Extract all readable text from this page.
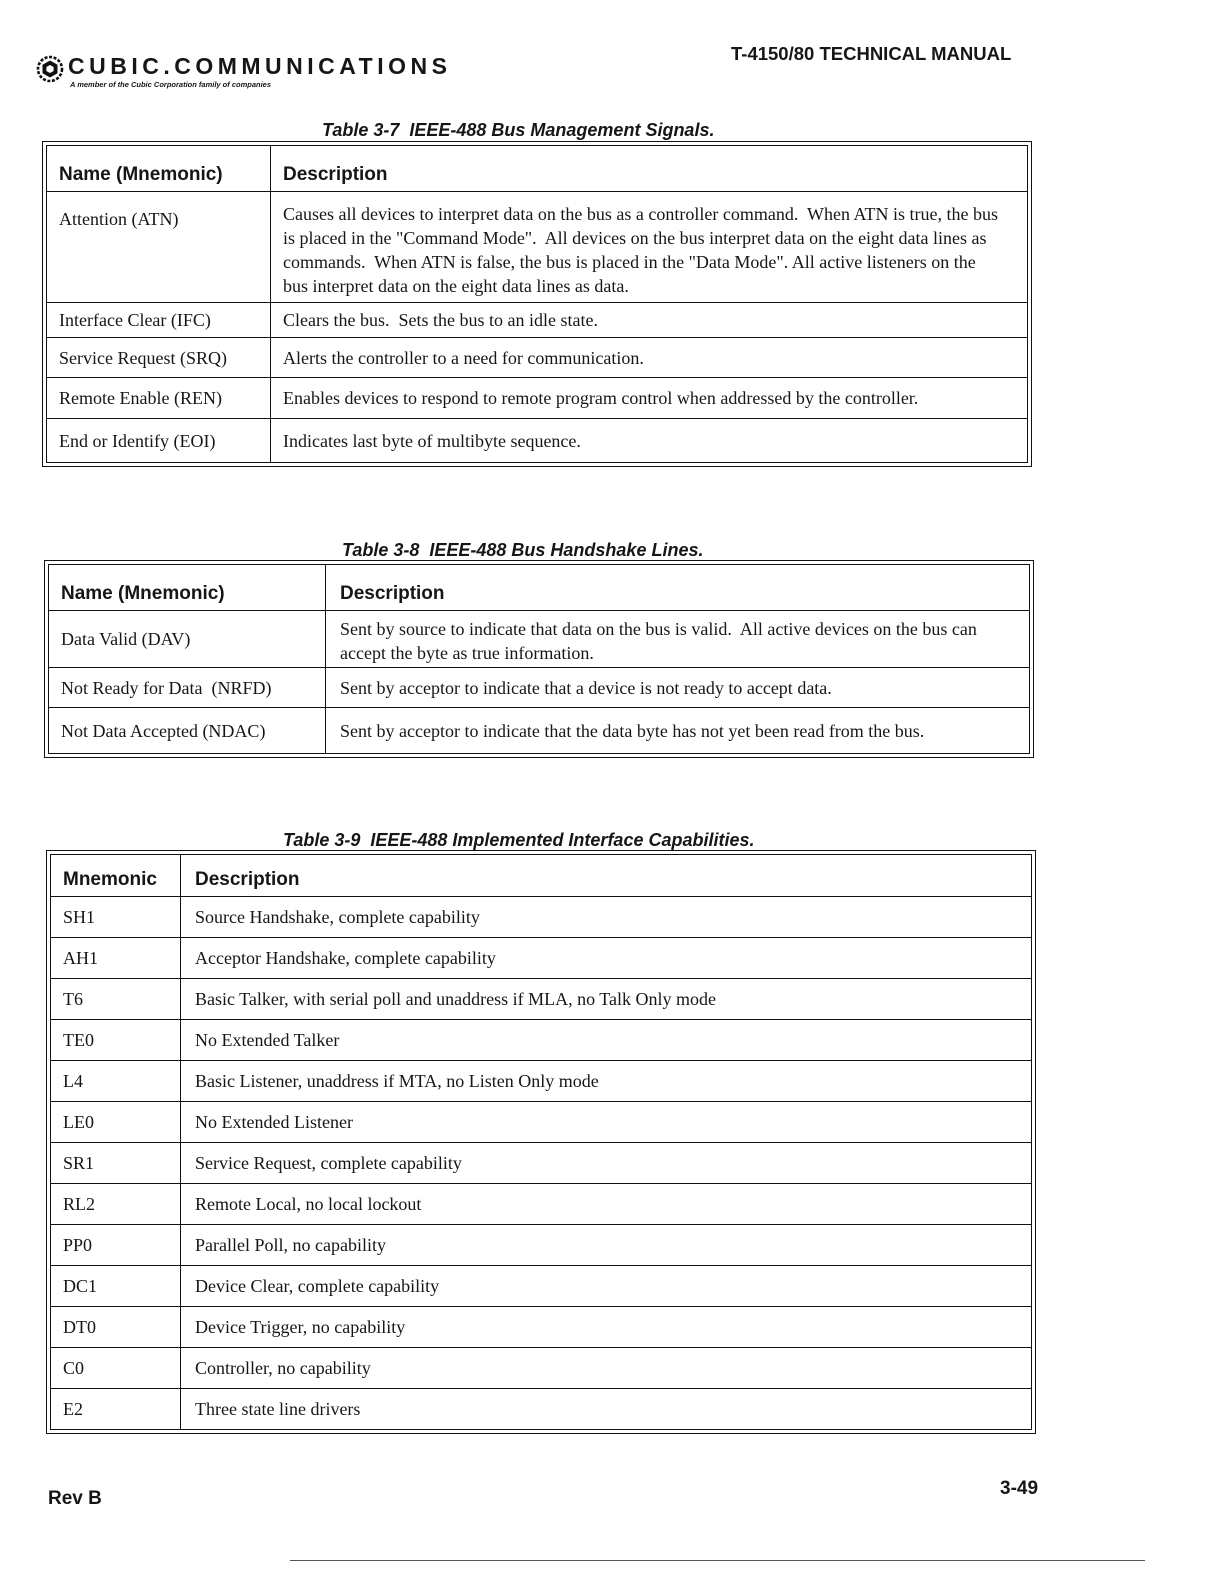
CUBIC.COMMUNICATIONS
A member of the Cubic Corporation family of companies
T-4150/80 TECHNICAL MANUAL
Table 3-7  IEEE-488 Bus Management Signals.
Name (Mnemonic)	Description
Attention (ATN)	Causes all devices to interpret data on the bus as a controller command.  When ATN is true, the bus is placed in the "Command Mode".  All devices on the bus interpret data on the eight data lines as commands.  When ATN is false, the bus is placed in the "Data Mode". All active listeners on the bus interpret data on the eight data lines as data.
Interface Clear (IFC)	Clears the bus.  Sets the bus to an idle state.
Service Request (SRQ)	Alerts the controller to a need for communication.
Remote Enable (REN)	Enables devices to respond to remote program control when addressed by the controller.
End or Identify (EOI)	Indicates last byte of multibyte sequence.
Table 3-8  IEEE-488 Bus Handshake Lines.
Name (Mnemonic)	Description
Data Valid (DAV)	Sent by source to indicate that data on the bus is valid.  All active devices on the bus can accept the byte as true information.
Not Ready for Data  (NRFD)	Sent by acceptor to indicate that a device is not ready to accept data.
Not Data Accepted (NDAC)	Sent by acceptor to indicate that the data byte has not yet been read from the bus.
Table 3-9  IEEE-488 Implemented Interface Capabilities.
Mnemonic	Description
SH1	Source Handshake, complete capability
AH1	Acceptor Handshake, complete capability
T6	Basic Talker, with serial poll and unaddress if MLA, no Talk Only mode
TE0	No Extended Talker
L4	Basic Listener, unaddress if MTA, no Listen Only mode
LE0	No Extended Listener
SR1	Service Request, complete capability
RL2	Remote Local, no local lockout
PP0	Parallel Poll, no capability
DC1	Device Clear, complete capability
DT0	Device Trigger, no capability
C0	Controller, no capability
E2	Three state line drivers
Rev B	3-49
